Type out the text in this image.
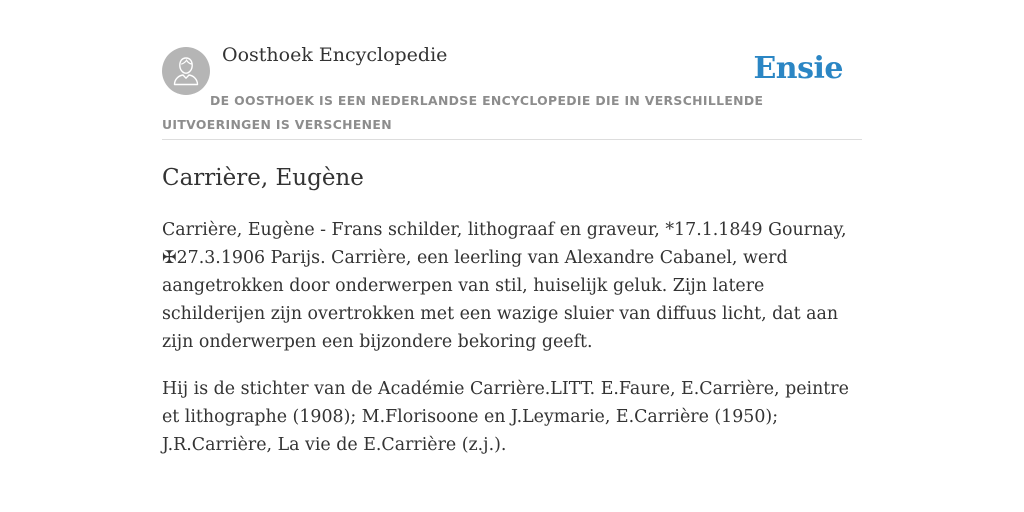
Oosthoek Encyclopedie	Ensie
DE OOSTHOEK IS EEN NEDERLANDSE ENCYCLOPEDIE DIE IN VERSCHILLENDE UITVOERINGEN IS VERSCHENEN
Carrière, Eugène

Carrière, Eugène - Frans schilder, lithograaf en graveur, *17.1.1849 Gournay, ✠27.3.1906 Parijs. Carrière, een leerling van Alexandre Cabanel, werd aangetrokken door onderwerpen van stil, huiselijk geluk. Zijn latere schilderijen zijn overtrokken met een wazige sluier van diffuus licht, dat aan zijn onderwerpen een bijzondere bekoring geeft.

Hij is de stichter van de Académie Carrière.LITT. E.Faure, E.Carrière, peintre et lithographe (1908); M.Florisoone en J.Leymarie, E.Carrière (1950); J.R.Carrière, La vie de E.Carrière (z.j.).
